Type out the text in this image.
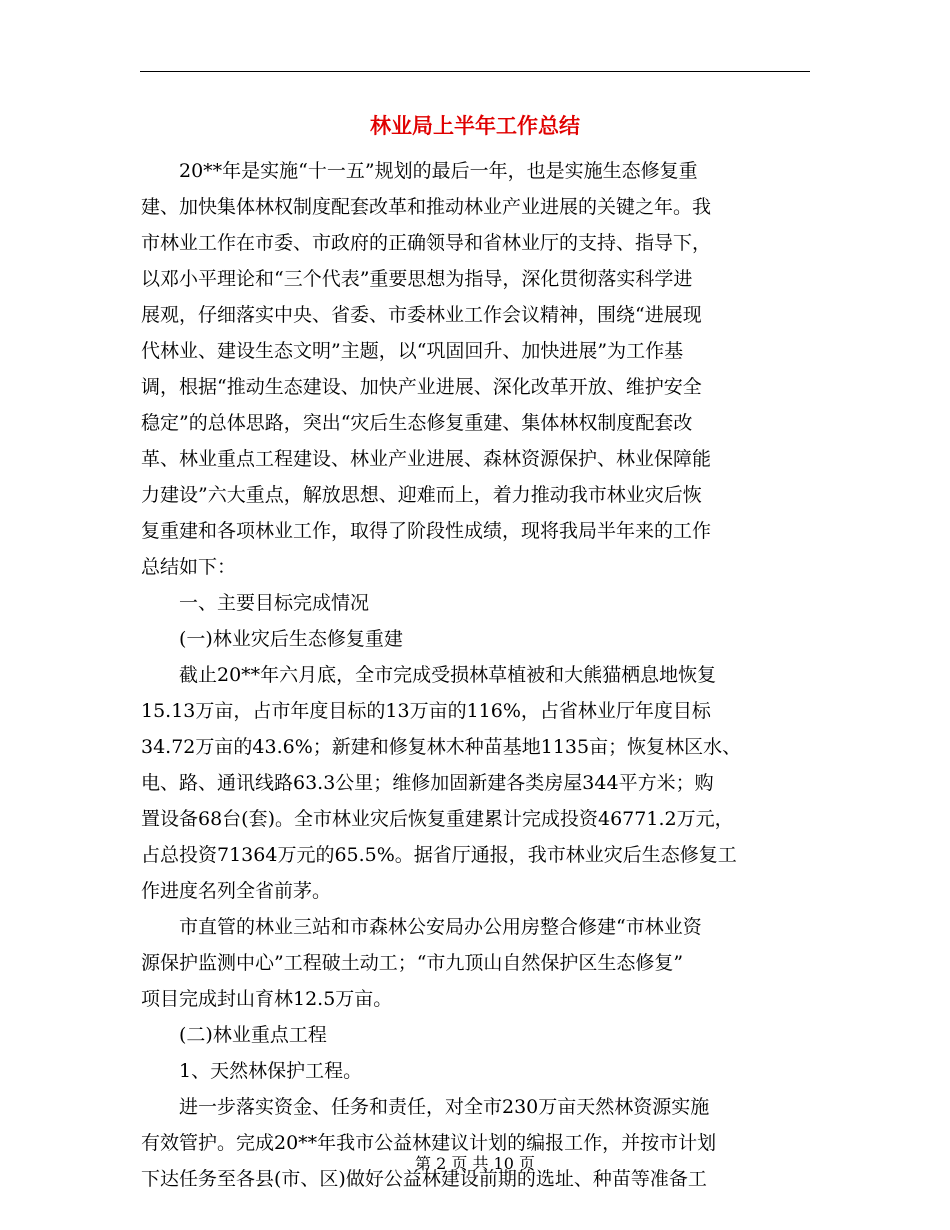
林业局上半年工作总结
　　20**年是实施“十一五”规划的最后一年，也是实施生态修复重
建、加快集体林权制度配套改革和推动林业产业进展的关键之年。我
市林业工作在市委、市政府的正确领导和省林业厅的支持、指导下，
以邓小平理论和“三个代表”重要思想为指导，深化贯彻落实科学进
展观，仔细落实中央、省委、市委林业工作会议精神，围绕“进展现
代林业、建设生态文明”主题，以“巩固回升、加快进展”为工作基
调，根据“推动生态建设、加快产业进展、深化改革开放、维护安全
稳定”的总体思路，突出“灾后生态修复重建、集体林权制度配套改
革、林业重点工程建设、林业产业进展、森林资源保护、林业保障能
力建设”六大重点，解放思想、迎难而上，着力推动我市林业灾后恢
复重建和各项林业工作，取得了阶段性成绩，现将我局半年来的工作
总结如下：
　　一、主要目标完成情况
　　(一)林业灾后生态修复重建
　　截止20**年六月底，全市完成受损林草植被和大熊猫栖息地恢复
15.13万亩，占市年度目标的13万亩的116%，占省林业厅年度目标
34.72万亩的43.6%；新建和修复林木种苗基地1135亩；恢复林区水、
电、路、通讯线路63.3公里；维修加固新建各类房屋344平方米；购
置设备68台(套)。全市林业灾后恢复重建累计完成投资46771.2万元，
占总投资71364万元的65.5%。据省厅通报，我市林业灾后生态修复工
作进度名列全省前茅。
　　市直管的林业三站和市森林公安局办公用房整合修建“市林业资
源保护监测中心”工程破土动工；“市九顶山自然保护区生态修复”
项目完成封山育林12.5万亩。
　　(二)林业重点工程
　　1、天然林保护工程。
　　进一步落实资金、任务和责任，对全市230万亩天然林资源实施
有效管护。完成20**年我市公益林建议计划的编报工作，并按市计划
下达任务至各县(市、区)做好公益林建设前期的选址、种苗等准备工
第 2 页 共 10 页
